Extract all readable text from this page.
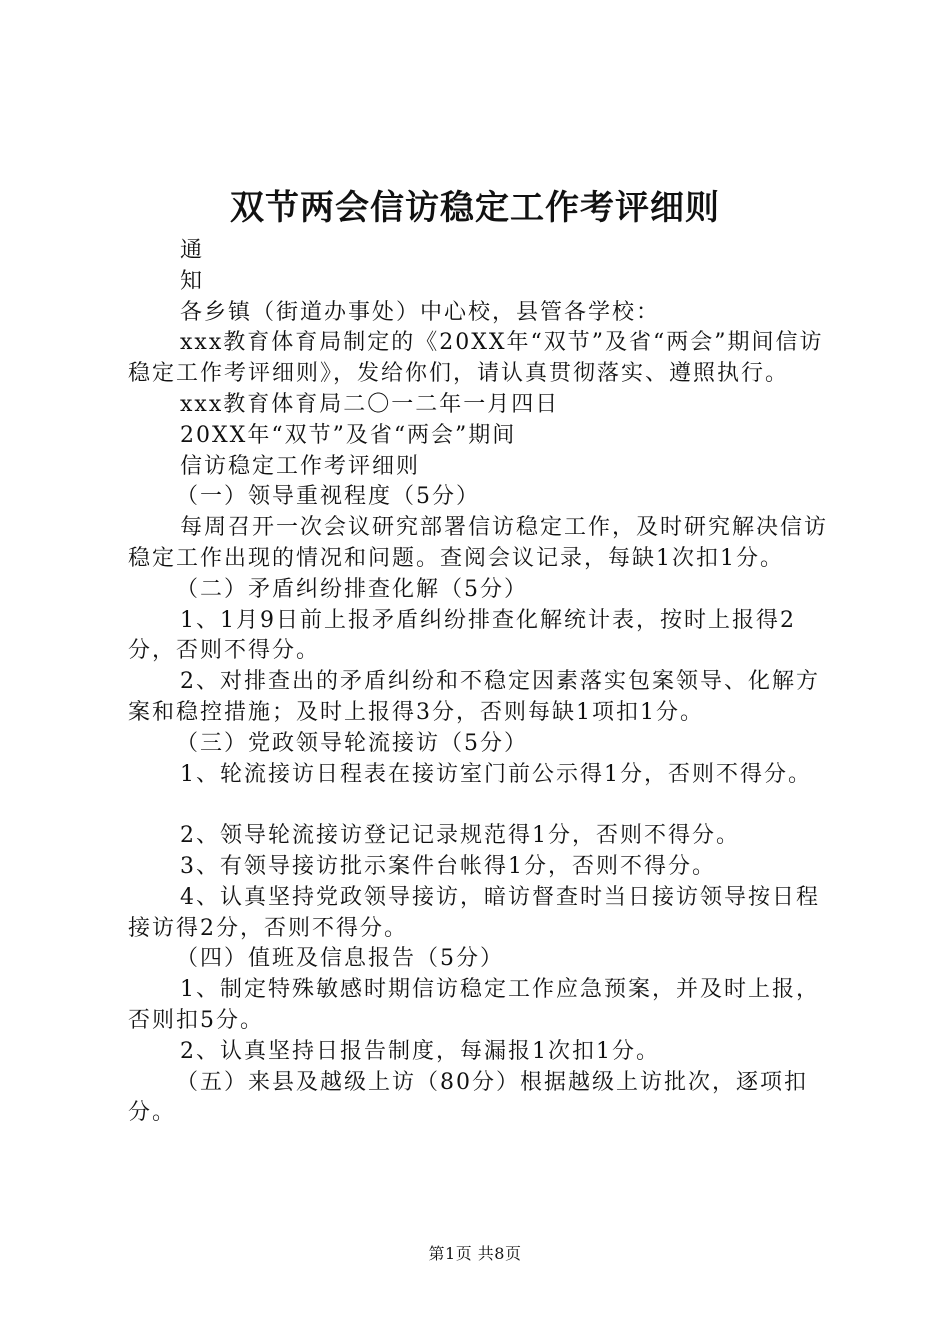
双节两会信访稳定工作考评细则

通

知

各乡镇（街道办事处）中心校，县管各学校：

xxx教育体育局制定的《20XX年“双节”及省“两会”期间信访稳定工作考评细则》，发给你们，请认真贯彻落实、遵照执行。

xxx教育体育局二〇一二年一月四日

20XX年“双节”及省“两会”期间

信访稳定工作考评细则

（一）领导重视程度（5分）

每周召开一次会议研究部署信访稳定工作，及时研究解决信访稳定工作出现的情况和问题。查阅会议记录，每缺1次扣1分。

（二）矛盾纠纷排查化解（5分）

1、1月9日前上报矛盾纠纷排查化解统计表，按时上报得2分，否则不得分。

2、对排查出的矛盾纠纷和不稳定因素落实包案领导、化解方案和稳控措施；及时上报得3分，否则每缺1项扣1分。

（三）党政领导轮流接访（5分）

1、轮流接访日程表在接访室门前公示得1分，否则不得分。

2、领导轮流接访登记记录规范得1分，否则不得分。

3、有领导接访批示案件台帐得1分，否则不得分。

4、认真坚持党政领导接访，暗访督查时当日接访领导按日程接访得2分，否则不得分。

（四）值班及信息报告（5分）

1、制定特殊敏感时期信访稳定工作应急预案，并及时上报，否则扣5分。

2、认真坚持日报告制度，每漏报1次扣1分。

（五）来县及越级上访（80分）根据越级上访批次，逐项扣分。

第1页 共8页
